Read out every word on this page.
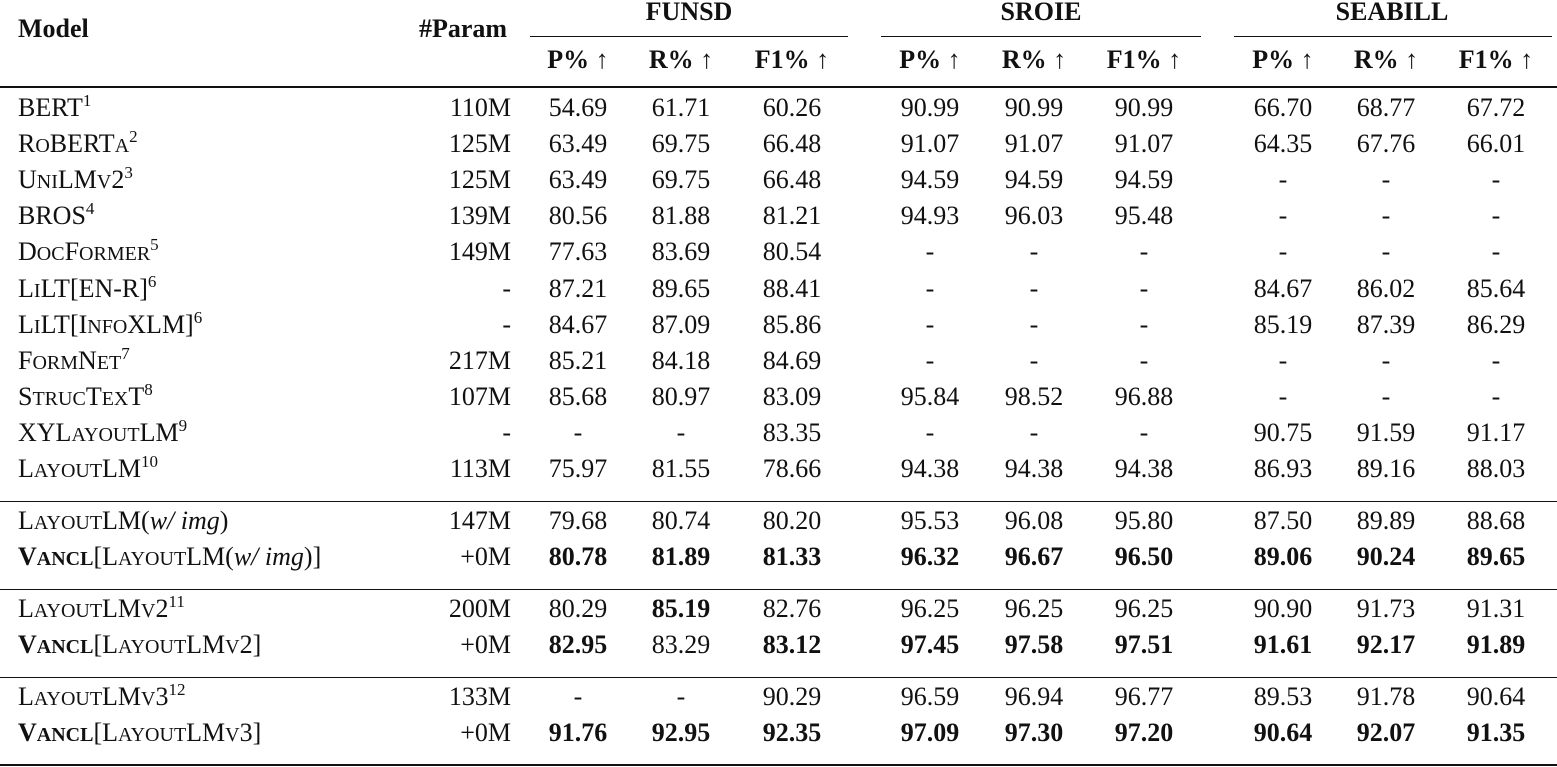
Model	#Param
FUNSD	SROIE	SEABILL
P% ↑ R% ↑ F1% ↑	P% ↑ R% ↑ F1% ↑	P% ↑ R% ↑ F1% ↑
BERT$^1$	110M 54.69 61.71 60.26	90.99 90.99 90.99	66.70 68.77 67.72
ROBERTA$^2$	125M 63.49 69.75 66.48	91.07 91.07 91.07	64.35 67.76 66.01
$UNILMV2^3$	125M 63.49 69.75 66.48	94.59 94.59 94.59	-	-	-
BROS$^4$	139M 80.56 81.88 81.21	94.93 96.03 95.48	-	-	-
DOCFORMER$^5$	149M 77.63 83.69 80.54	-	-	-	-	-	-
$LILT[EN-R]^6$	- 87.21 89.65 88.41	-	-	-	84.67 86.02 85.64
LILT[INFOXLM]$^6$	- 84.67 87.09 85.86	-	-	-	85.19 87.39 86.29
FORMNET$^7$	217M 85.21 84.18 84.69	-	-	-	-	-	-
STRUCTEXT$^8$	107M 85.68 80.97 83.09	95.84 98.52 96.88	-	-	-
XYLAYOUTLM$^9$	- -	-	83.35	-	-	-	90.75 91.59 91.17
LAYOUTLM$^{10}$	113M 75.97 81.55 78.66	94.38 94.38 94.38	86.93 89.16 88.03
LAYOUTLM(w/ img)	147M 79.68 80.74 80.20	95.53 96.08 95.80	87.50 89.89 88.68
VANCL[LAYOUTLM(w/ img)]	+0M 80.78 81.89 81.33	96.32 96.67 96.50	89.06 90.24 89.65
$LAYOUTLMV2^{11}$	200M 80.29 85.19 82.76	96.25 96.25 96.25	90.90 91.73 91.31
VANCL[LAYOUTLMV2]	+0M 82.95 83.29 83.12	97.45 97.58 97.51	91.61 92.17 91.89
$LAYOUTLMV3^{12}$	133M -	-	90.29	96.59 96.94 96.77	89.53 91.78 90.64
VANCL[LAYOUTLMV3]	+0M 91.76 92.95 92.35	97.09 97.30 97.20	90.64 92.07 91.35
